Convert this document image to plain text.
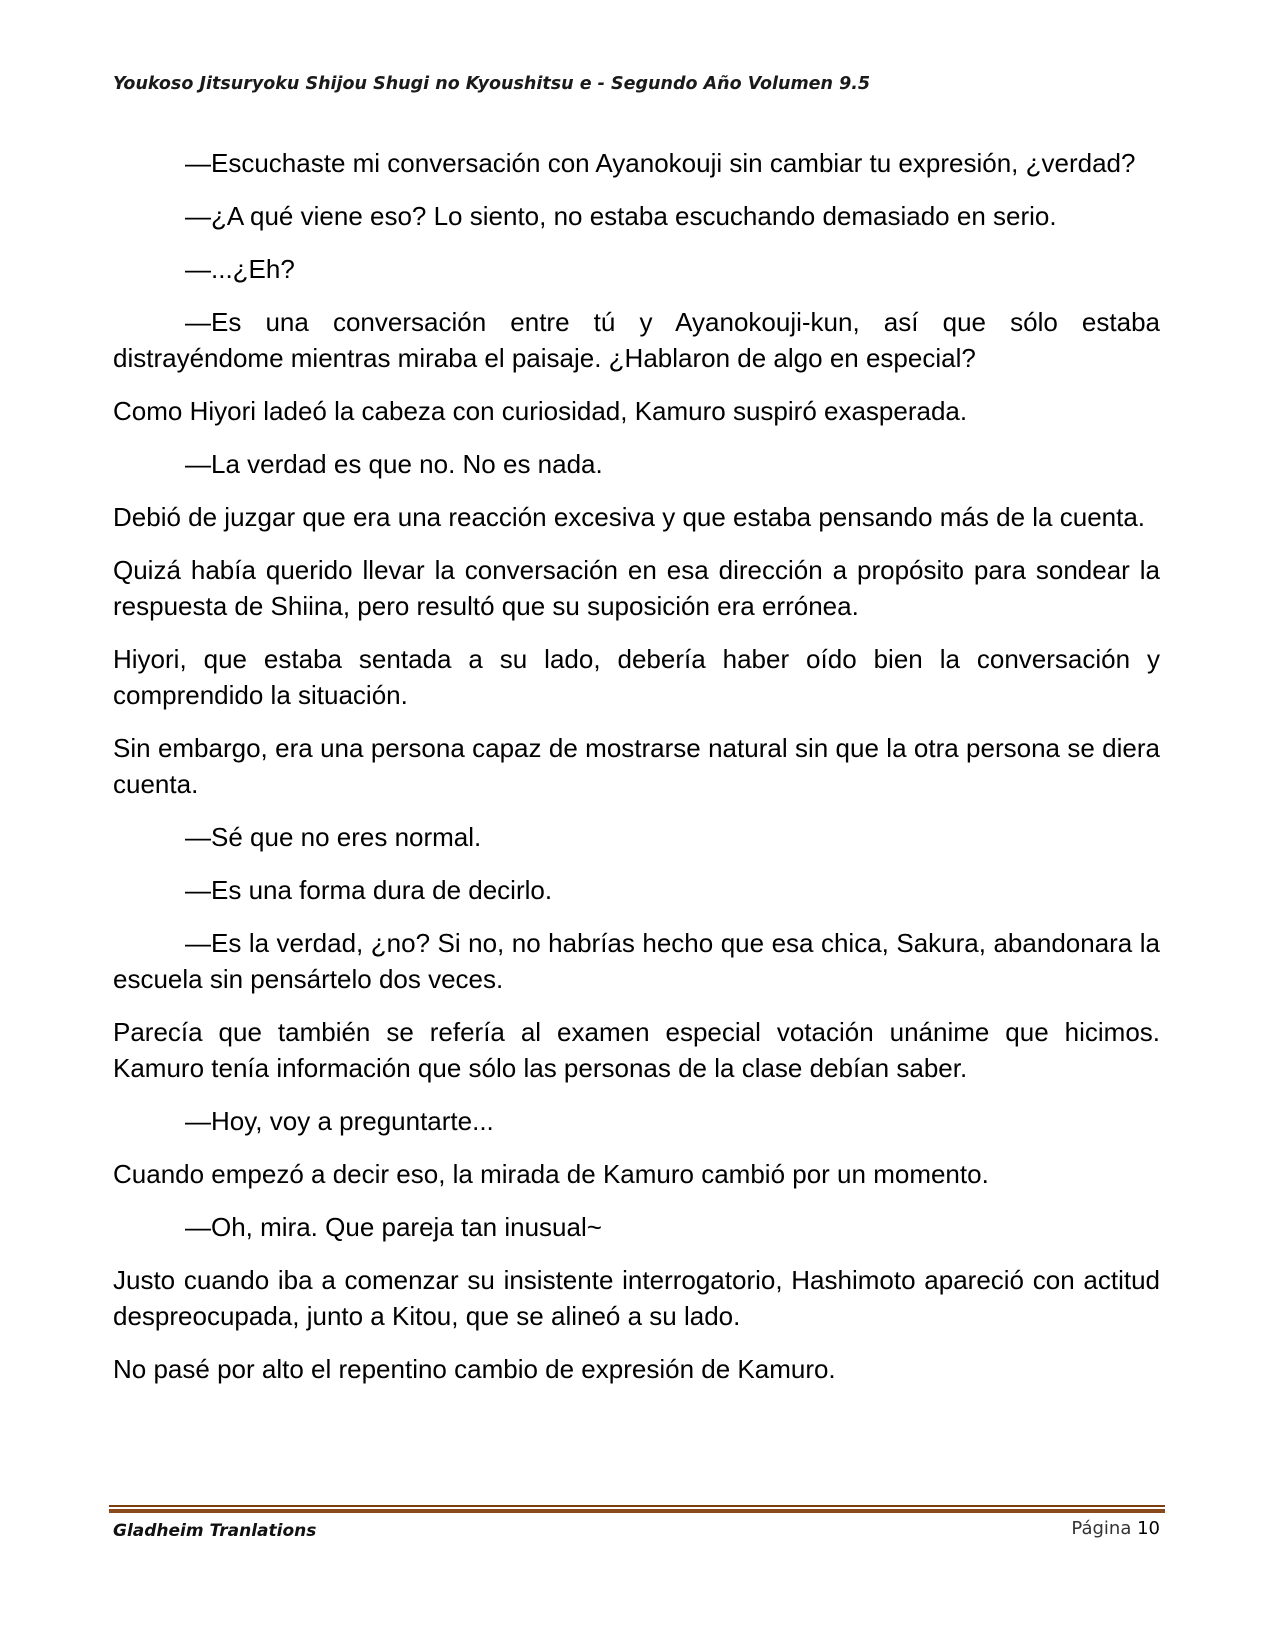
Youkoso Jitsuryoku Shijou Shugi no Kyoushitsu e - Segundo Año Volumen 9.5

—Escuchaste mi conversación con Ayanokouji sin cambiar tu expresión, ¿verdad?

—¿A qué viene eso? Lo siento, no estaba escuchando demasiado en serio.

—...¿Eh?

—Es una conversación entre tú y Ayanokouji-kun, así que sólo estaba distrayéndome mientras miraba el paisaje. ¿Hablaron de algo en especial?

Como Hiyori ladeó la cabeza con curiosidad, Kamuro suspiró exasperada.

—La verdad es que no. No es nada.

Debió de juzgar que era una reacción excesiva y que estaba pensando más de la cuenta.

Quizá había querido llevar la conversación en esa dirección a propósito para sondear la respuesta de Shiina, pero resultó que su suposición era errónea.

Hiyori, que estaba sentada a su lado, debería haber oído bien la conversación y comprendido la situación.

Sin embargo, era una persona capaz de mostrarse natural sin que la otra persona se diera cuenta.

—Sé que no eres normal.

—Es una forma dura de decirlo.

—Es la verdad, ¿no? Si no, no habrías hecho que esa chica, Sakura, abandonara la escuela sin pensártelo dos veces.

Parecía que también se refería al examen especial votación unánime que hicimos. Kamuro tenía información que sólo las personas de la clase debían saber.

—Hoy, voy a preguntarte...

Cuando empezó a decir eso, la mirada de Kamuro cambió por un momento.

—Oh, mira. Que pareja tan inusual~

Justo cuando iba a comenzar su insistente interrogatorio, Hashimoto apareció con actitud despreocupada, junto a Kitou, que se alineó a su lado.

No pasé por alto el repentino cambio de expresión de Kamuro.

Gladheim Tranlations	Página 10
